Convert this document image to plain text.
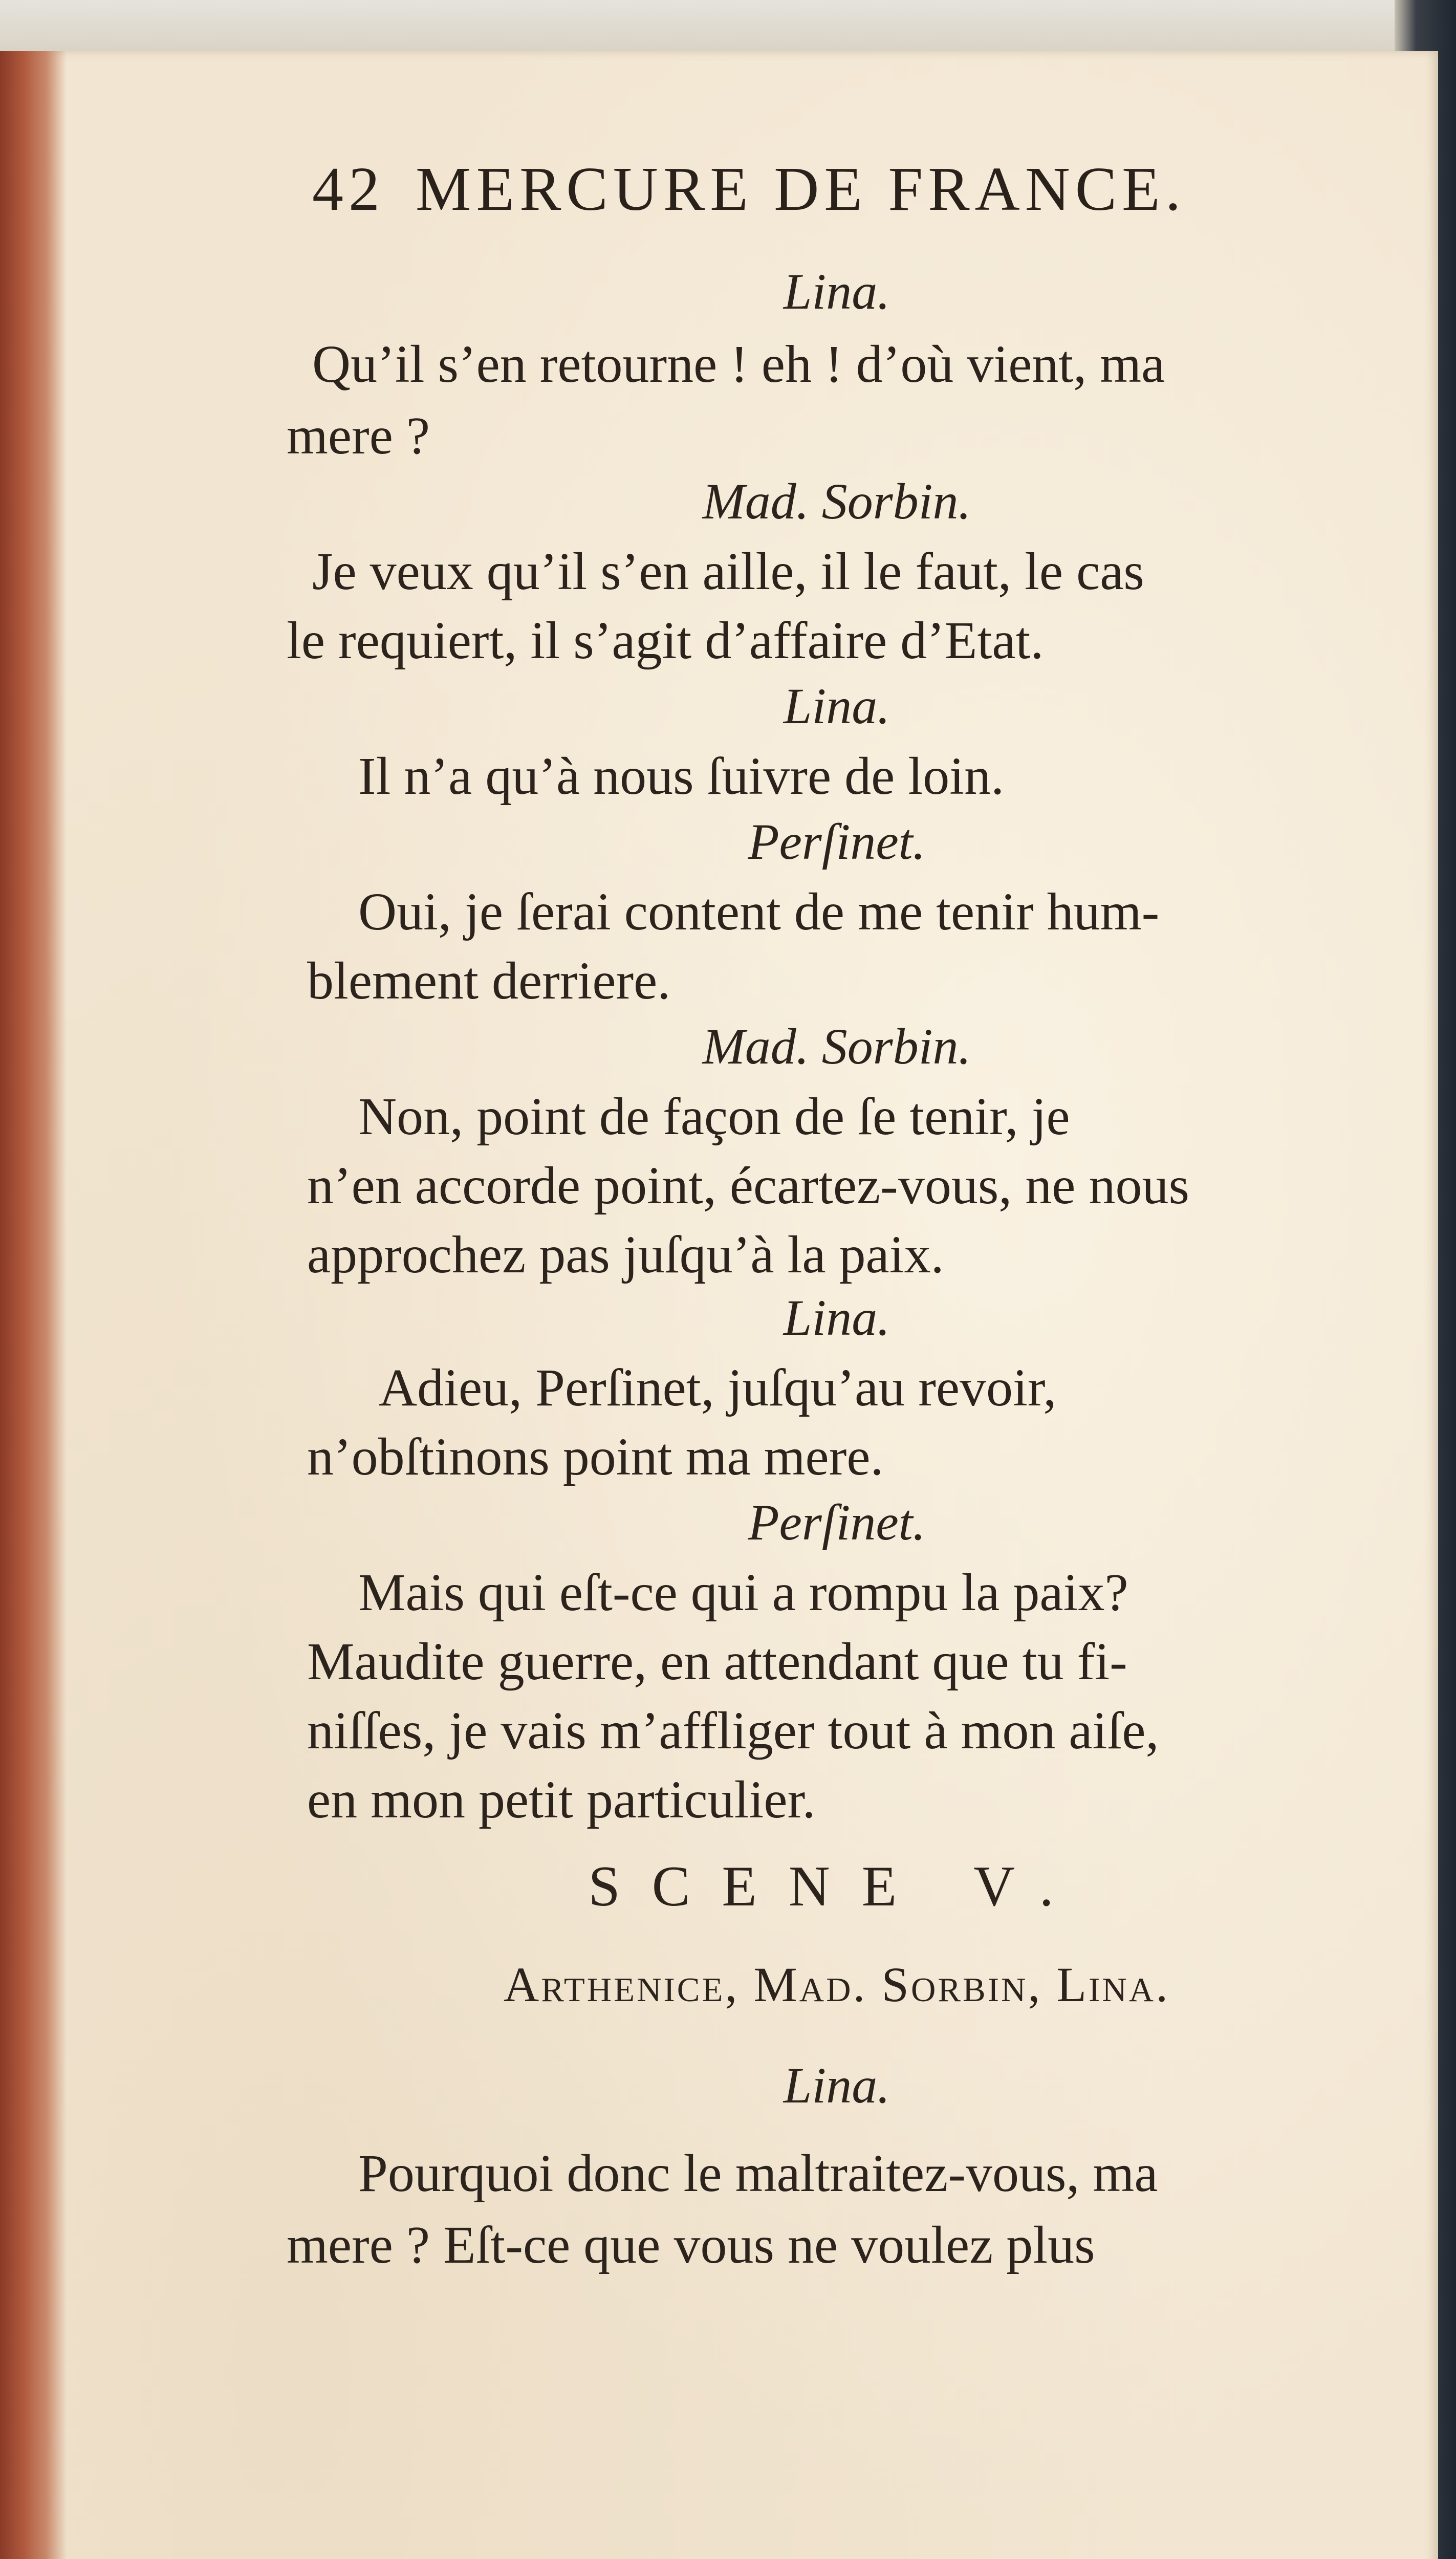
42 MERCURE DE FRANCE.
Lina.
Qu’il s’en retourne ! eh ! d’où vient, ma
mere ?
Mad. Sorbin.
Je veux qu’il s’en aille, il le faut, le cas
le requiert, il s’agit d’affaire d’Etat.
Lina.
Il n’a qu’à nous ſuivre de loin.
Perſinet.
Oui, je ſerai content de me tenir hum-
blement derriere.
Mad. Sorbin.
Non, point de façon de ſe tenir, je
n’en accorde point, écartez-vous, ne nous
approchez pas juſqu’à la paix.
Lina.
Adieu, Perſinet, juſqu’au revoir,
n’obſtinons point ma mere.
Perſinet.
Mais qui eſt-ce qui a rompu la paix?
Maudite guerre, en attendant que tu fi-
niſſes, je vais m’affliger tout à mon aiſe,
en mon petit particulier.
SCENE V.
Arthenice, Mad. Sorbin, Lina.
Lina.
Pourquoi donc le maltraitez-vous, ma
mere ? Eſt-ce que vous ne voulez plus
